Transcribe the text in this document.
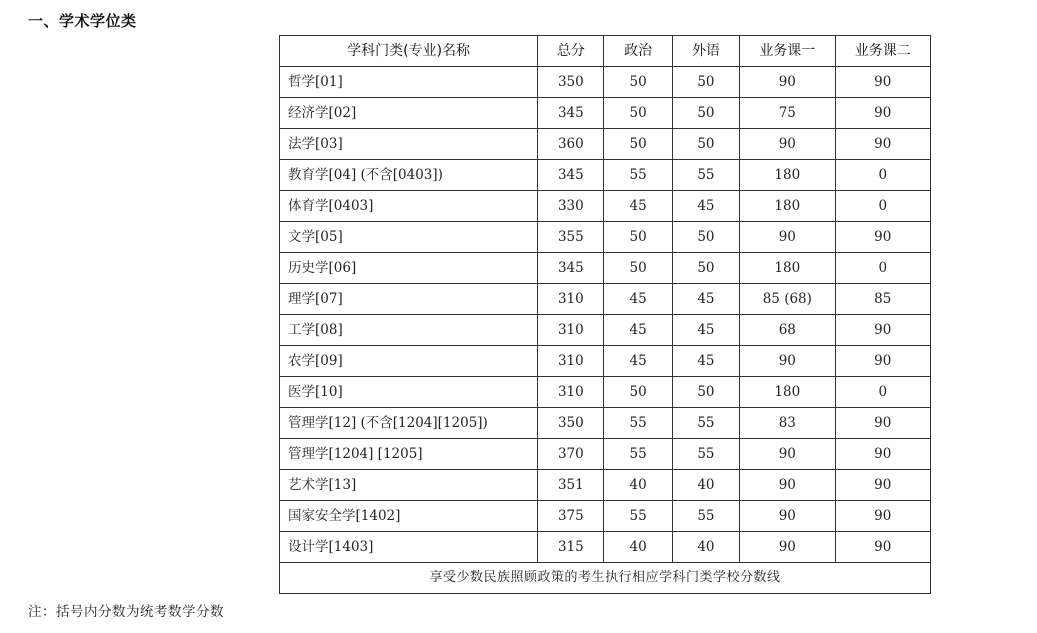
一、学术学位类
学科门类(专业)名称	总分	政治	外语	业务课一	业务课二
哲学[01]	350	50	50	90	90
经济学[02]	345	50	50	75	90
法学[03]	360	50	50	90	90
教育学[04] (不含[0403])	345	55	55	180	0
体育学[0403]	330	45	45	180	0
文学[05]	355	50	50	90	90
历史学[06]	345	50	50	180	0
理学[07]	310	45	45	85 (68)	85
工学[08]	310	45	45	68	90
农学[09]	310	45	45	90	90
医学[10]	310	50	50	180	0
管理学[12] (不含[1204][1205])	350	55	55	83	90
管理学[1204] [1205]	370	55	55	90	90
艺术学[13]	351	40	40	90	90
国家安全学[1402]	375	55	55	90	90
设计学[1403]	315	40	40	90	90
享受少数民族照顾政策的考生执行相应学科门类学校分数线					
注：括号内分数为统考数学分数
